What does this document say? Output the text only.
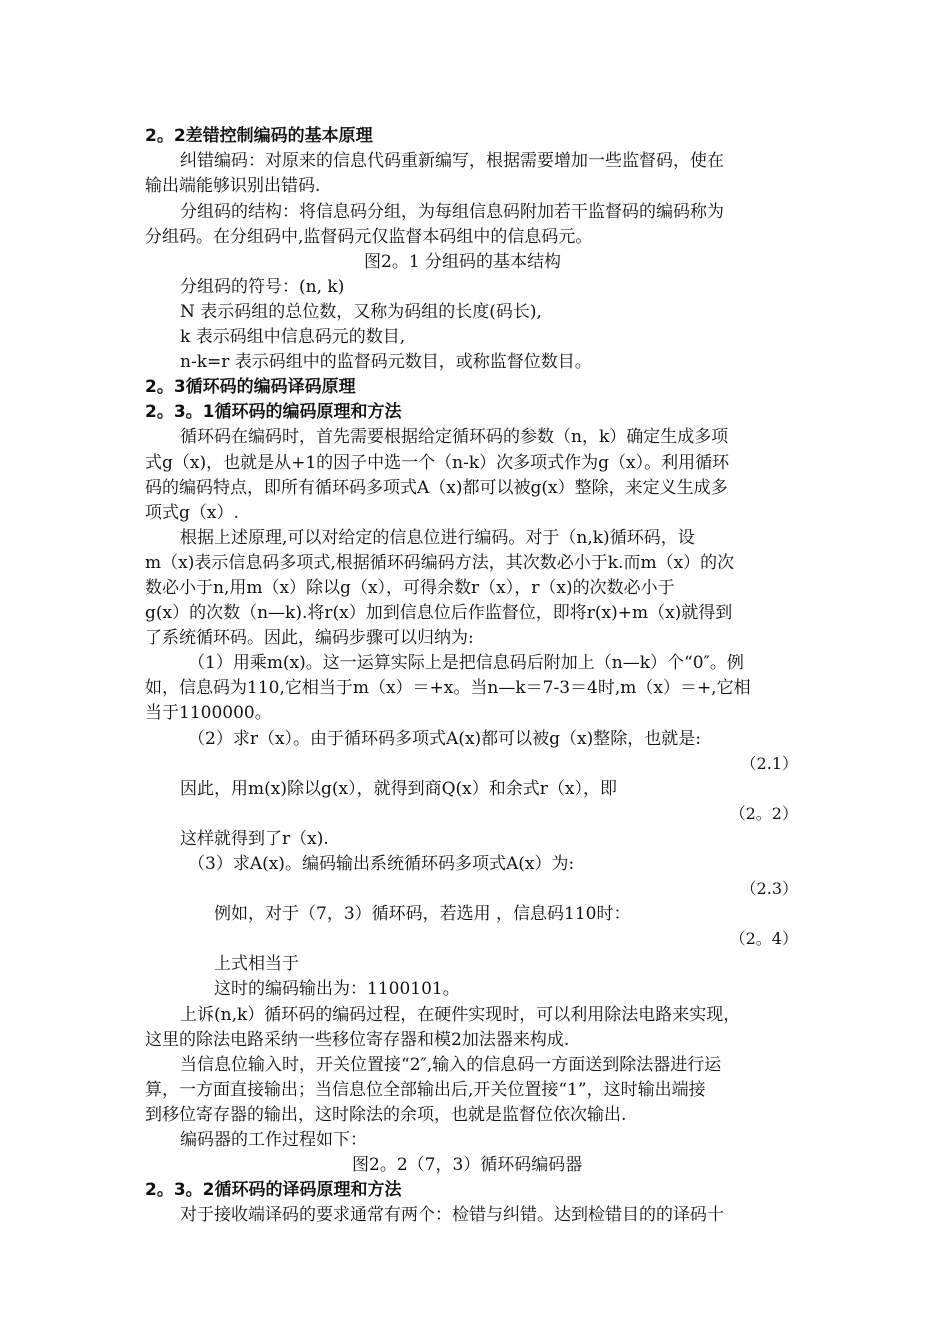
2。2差错控制编码的基本原理
纠错编码：对原来的信息代码重新编写，根据需要增加一些监督码，使在
输出端能够识别出错码.
分组码的结构：将信息码分组，为每组信息码附加若干监督码的编码称为
分组码。在分组码中,监督码元仅监督本码组中的信息码元。
图2。1 分组码的基本结构
分组码的符号：(n, k)
N 表示码组的总位数，又称为码组的长度(码长),
k 表示码组中信息码元的数目,
n-k=r 表示码组中的监督码元数目，或称监督位数目。
2。3循环码的编码译码原理
2。3。1循环码的编码原理和方法
循环码在编码时，首先需要根据给定循环码的参数（n，k）确定生成多项
式g（x)，也就是从+1的因子中选一个（n-k）次多项式作为g（x）。利用循环
码的编码特点，即所有循环码多项式A（x)都可以被g(x）整除，来定义生成多
项式g（x）.
根据上述原理,可以对给定的信息位进行编码。对于（n,k)循环码，设
m（x)表示信息码多项式,根据循环码编码方法，其次数必小于k.而m（x）的次
数必小于n,用m（x）除以g（x），可得余数r（x），r（x)的次数必小于
g(x）的次数（n—k).将r(x）加到信息位后作监督位，即将r(x)+m（x)就得到
了系统循环码。因此，编码步骤可以归纳为:
（1）用乘m(x)。这一运算实际上是把信息码后附加上（n—k）个“0″。例
如，信息码为110,它相当于m（x）＝+x。当n—k＝7-3＝4时,m（x）＝+,它相
当于1100000。
（2）求r（x）。由于循环码多项式A(x)都可以被g（x)整除，也就是:
（2.1）
因此，用m(x)除以g(x），就得到商Q(x）和余式r（x），即
（2。2）
这样就得到了r（x).
（3）求A(x)。编码输出系统循环码多项式A(x）为:
（2.3）
例如，对于（7，3）循环码，若选用 ，信息码110时：
（2。4）
上式相当于
这时的编码输出为：1100101。
上诉(n,k）循环码的编码过程，在硬件实现时，可以利用除法电路来实现，
这里的除法电路采纳一些移位寄存器和模2加法器来构成.
当信息位输入时，开关位置接“2″,输入的信息码一方面送到除法器进行运
算，一方面直接输出；当信息位全部输出后,开关位置接“1”，这时输出端接
到移位寄存器的输出，这时除法的余项，也就是监督位依次输出.
编码器的工作过程如下：
图2。2（7，3）循环码编码器
2。3。2循环码的译码原理和方法
对于接收端译码的要求通常有两个：检错与纠错。达到检错目的的译码十
